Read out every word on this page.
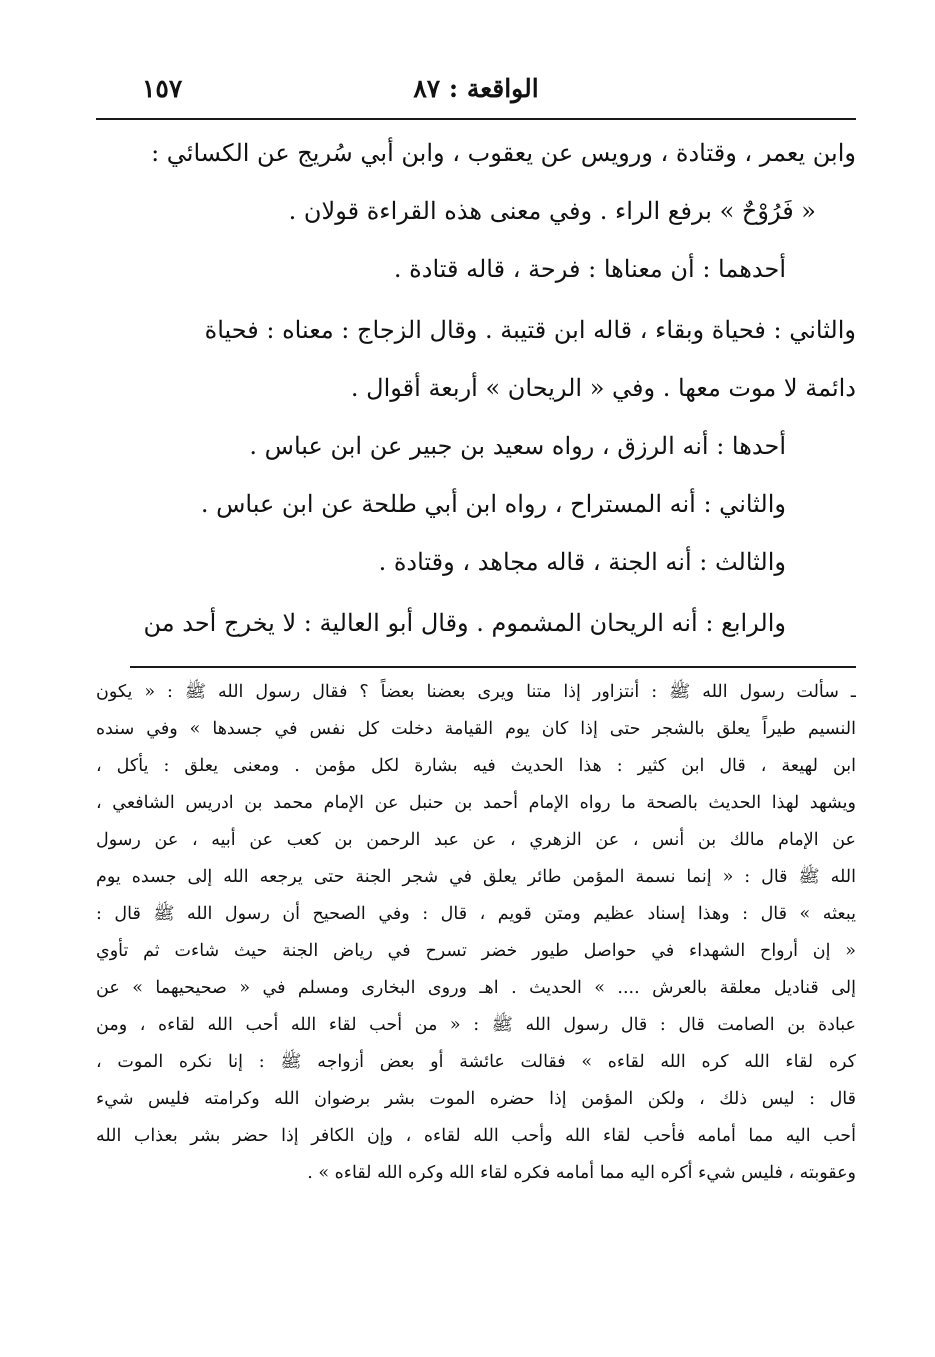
الواقعة : ٨٧
١٥٧
وابن يعمر ، وقتادة ، ورويس عن يعقوب ، وابن أبي سُريج عن الكسائي :
« فَرُوْحٌ » برفع الراء . وفي معنى هذه القراءة قولان .
أحدهما : أن معناها : فرحة ، قاله قتادة .
والثاني : فحياة وبقاء ، قاله ابن قتيبة . وقال الزجاج : معناه : فحياة
دائمة لا موت معها . وفي « الريحان » أربعة أقوال .
أحدها : أنه الرزق ، رواه سعيد بن جبير عن ابن عباس .
والثاني : أنه المستراح ، رواه ابن أبي طلحة عن ابن عباس .
والثالث : أنه الجنة ، قاله مجاهد ، وقتادة .
والرابع : أنه الريحان المشموم . وقال أبو العالية : لا يخرج أحد من
ـ سألت رسول الله ﷺ : أنتزاور إذا متنا ويرى بعضنا بعضاً ؟ فقال رسول الله ﷺ : « يكون
النسيم طيراً يعلق بالشجر حتى إذا كان يوم القيامة دخلت كل نفس في جسدها » وفي سنده
ابن لهيعة ، قال ابن كثير : هذا الحديث فيه بشارة لكل مؤمن . ومعنى يعلق : يأكل ،
ويشهد لهذا الحديث بالصحة ما رواه الإمام أحمد بن حنبل عن الإمام محمد بن ادريس الشافعي ،
عن الإمام مالك بن أنس ، عن الزهري ، عن عبد الرحمن بن كعب عن أبيه ، عن رسول
الله ﷺ قال : « إنما نسمة المؤمن طائر يعلق في شجر الجنة حتى يرجعه الله إلى جسده يوم
يبعثه » قال : وهذا إسناد عظيم ومتن قويم ، قال : وفي الصحيح أن رسول الله ﷺ قال :
« إن أرواح الشهداء في حواصل طيور خضر تسرح في رياض الجنة حيث شاءت ثم تأوي
إلى قناديل معلقة بالعرش .... » الحديث . اهـ وروى البخارى ومسلم في « صحيحيهما » عن
عبادة بن الصامت قال : قال رسول الله ﷺ : « من أحب لقاء الله أحب الله لقاءه ، ومن
كره لقاء الله كره الله لقاءه » فقالت عائشة أو بعض أزواجه ﷺ : إنا نكره الموت ،
قال : ليس ذلك ، ولكن المؤمن إذا حضره الموت بشر برضوان الله وكرامته فليس شيء
أحب اليه مما أمامه فأحب لقاء الله وأحب الله لقاءه ، وإن الكافر إذا حضر بشر بعذاب الله
وعقوبته ، فليس شيء أكره اليه مما أمامه فكره لقاء الله وكره الله لقاءه » .
